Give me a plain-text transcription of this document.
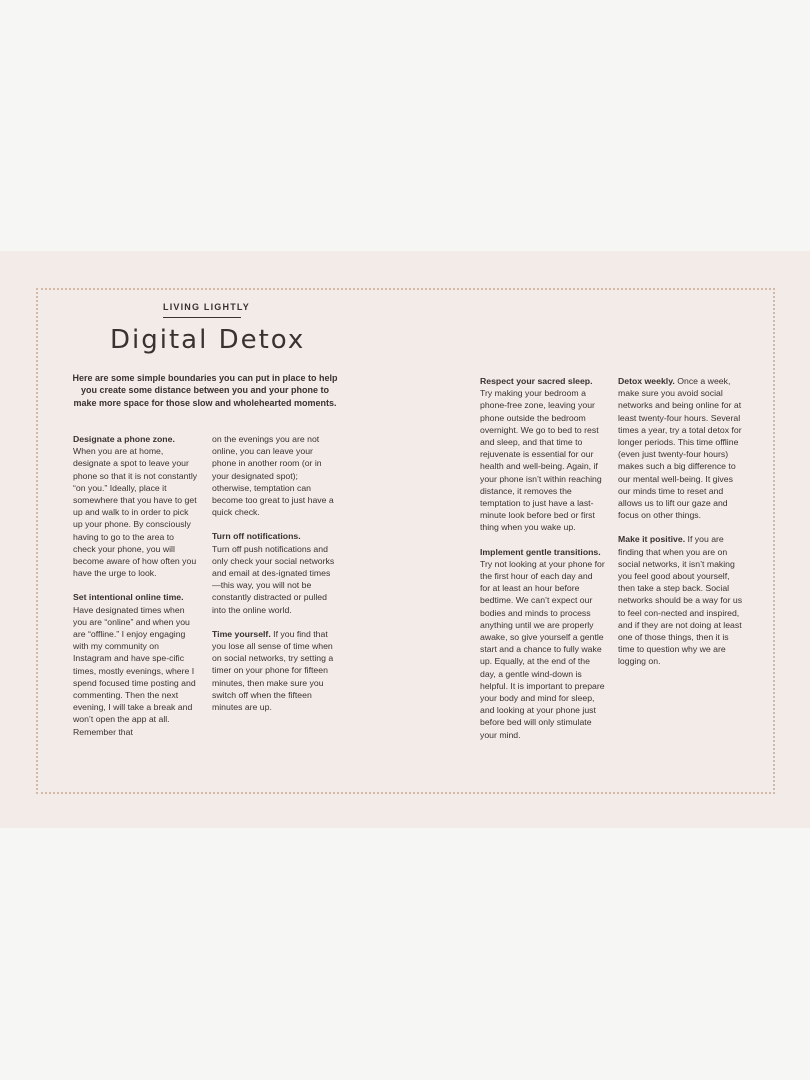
LIVING LIGHTLY
Digital Detox
Here are some simple boundaries you can put in place to help you create some distance between you and your phone to make more space for those slow and wholehearted moments.

Designate a phone zone.
When you are at home, designate a spot to leave your phone so that it is not constantly “on you.” Ideally, place it somewhere that you have to get up and walk to in order to pick up your phone. By consciously having to go to the area to check your phone, you will become aware of how often you have the urge to look.

Set intentional online time.
Have designated times when you are “online” and when you are “offline.” I enjoy engaging with my community on Instagram and have spe-cific times, mostly evenings, where I spend focused time posting and commenting. Then the next evening, I will take a break and won’t open the app at all. Remember that

on the evenings you are not online, you can leave your phone in another room (or in your designated spot); otherwise, temptation can become too great to just have a quick check.

Turn off notifications.
Turn off push notifications and only check your social networks and email at des-ignated times—this way, you will not be constantly distracted or pulled into the online world.

Time yourself. If you find that you lose all sense of time when on social networks, try setting a timer on your phone for fifteen minutes, then make sure you switch off when the fifteen minutes are up.

Respect your sacred sleep.
Try making your bedroom a phone-free zone, leaving your phone outside the bedroom overnight. We go to bed to rest and sleep, and that time to rejuvenate is essential for our health and well-being. Again, if your phone isn’t within reaching distance, it removes the temptation to just have a last-minute look before bed or first thing when you wake up.

Implement gentle transitions. Try not looking at your phone for the first hour of each day and for at least an hour before bedtime. We can’t expect our bodies and minds to process anything until we are properly awake, so give yourself a gentle start and a chance to fully wake up. Equally, at the end of the day, a gentle wind-down is helpful. It is important to prepare your body and mind for sleep, and looking at your phone just before bed will only stimulate your mind.

Detox weekly. Once a week, make sure you avoid social networks and being online for at least twenty-four hours. Several times a year, try a total detox for longer periods. This time offline (even just twenty-four hours) makes such a big difference to our mental well-being. It gives our minds time to reset and allows us to lift our gaze and focus on other things.

Make it positive. If you are finding that when you are on social networks, it isn’t making you feel good about yourself, then take a step back. Social networks should be a way for us to feel con-nected and inspired, and if they are not doing at least one of those things, then it is time to question why we are logging on.
